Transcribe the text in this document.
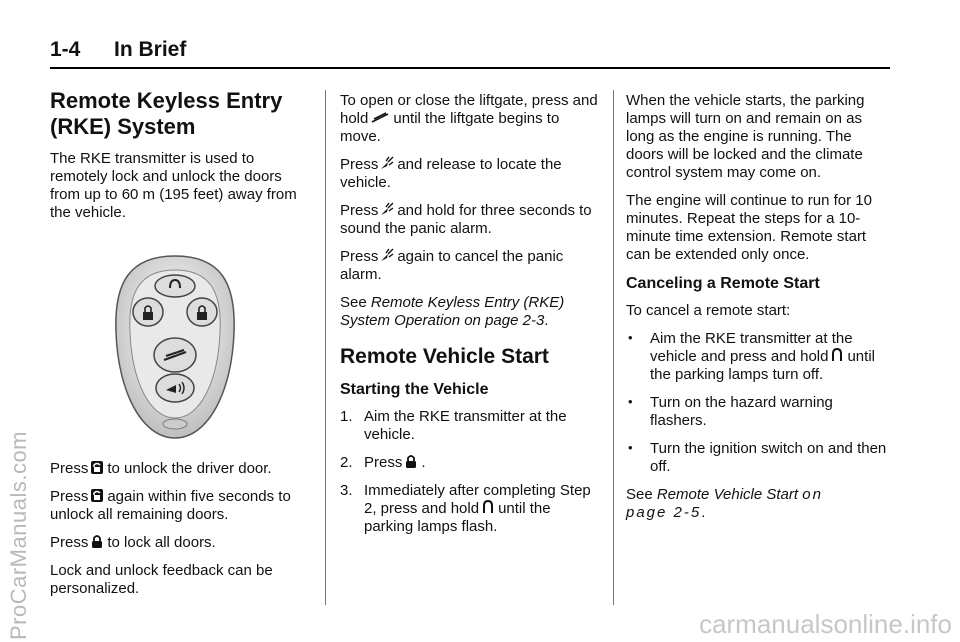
1-4 In Brief
Remote Keyless Entry
(RKE) System

The RKE transmitter is used to remotely lock and unlock the doors from up to 60 m (195 feet) away from the vehicle.

Press to unlock the driver door.

Press again within five seconds to unlock all remaining doors.

Press to lock all doors.

Lock and unlock feedback can be personalized.

To open or close the liftgate, press and hold until the liftgate begins to move.

Press and release to locate the vehicle.

Press and hold for three seconds to sound the panic alarm.

Press again to cancel the panic alarm.

See Remote Keyless Entry (RKE) System Operation on page 2-3.

Remote Vehicle Start
Starting the Vehicle
1. Aim the RKE transmitter at the vehicle.
2. Press .
3. Immediately after completing Step 2, press and hold until the parking lamps flash.

When the vehicle starts, the parking lamps will turn on and remain on as long as the engine is running. The doors will be locked and the climate control system may come on.

The engine will continue to run for 10 minutes. Repeat the steps for a 10-minute time extension. Remote start can be extended only once.

Canceling a Remote Start

To cancel a remote start:

• Aim the RKE transmitter at the vehicle and press and hold until the parking lamps turn off.
• Turn on the hazard warning flashers.
• Turn the ignition switch on and then off.

See Remote Vehicle Start on
page 2-5.

ProCarManuals.com	carmanualsonline.info
